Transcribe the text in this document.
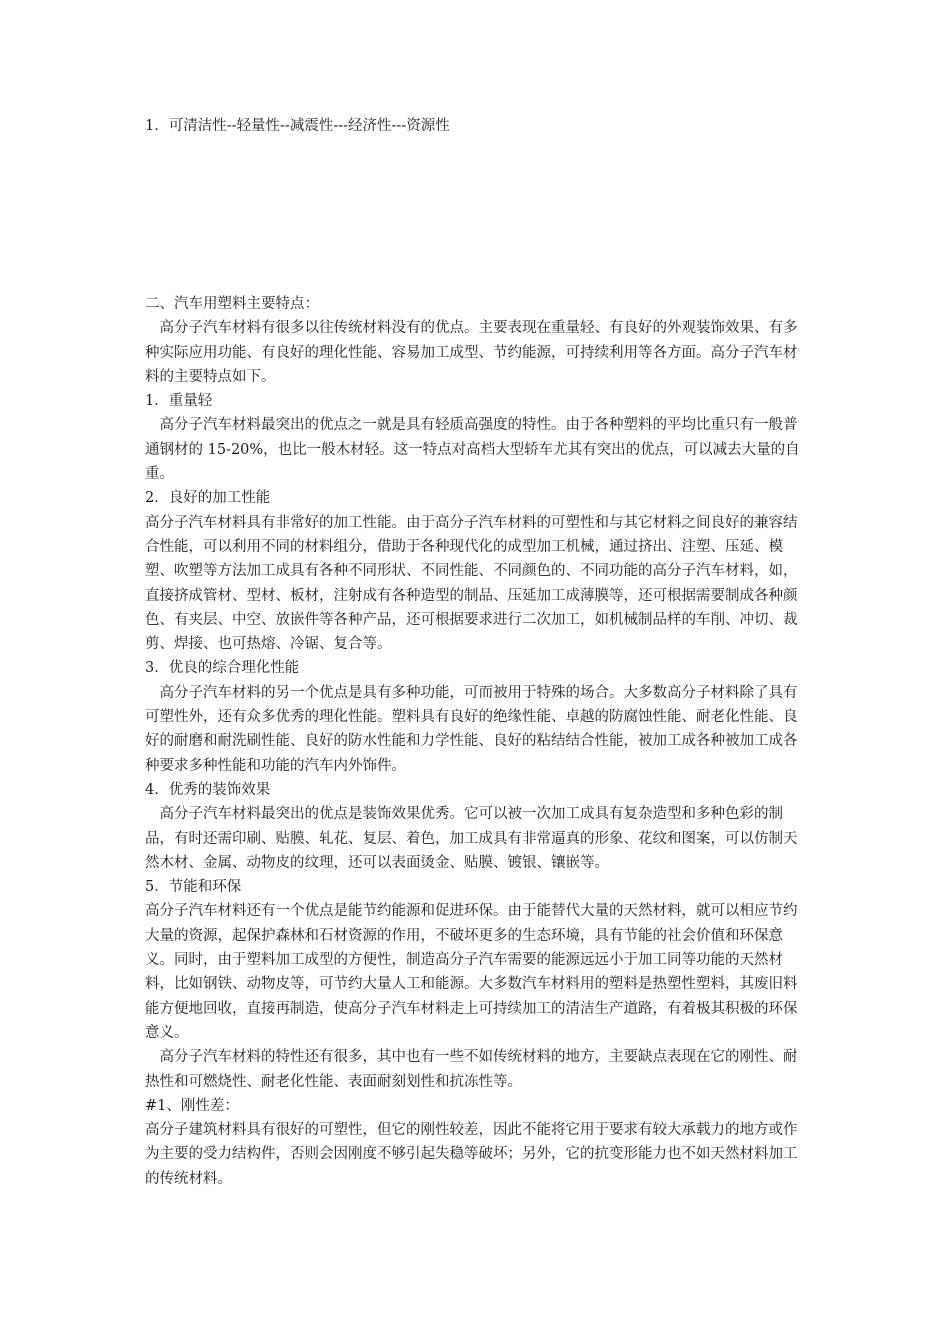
1．可清洁性--轻量性--减震性---经济性---资源性

二、汽车用塑料主要特点：

高分子汽车材料有很多以往传统材料没有的优点。主要表现在重量轻、有良好的外观装饰效果、有多种实际应用功能、有良好的理化性能、容易加工成型、节约能源，可持续利用等各方面。高分子汽车材料的主要特点如下。

1．重量轻

高分子汽车材料最突出的优点之一就是具有轻质高强度的特性。由于各种塑料的平均比重只有一般普通钢材的 15-20%，也比一般木材轻。这一特点对高档大型轿车尤其有突出的优点，可以减去大量的自重。

2．良好的加工性能

高分子汽车材料具有非常好的加工性能。由于高分子汽车材料的可塑性和与其它材料之间良好的兼容结合性能，可以利用不同的材料组分，借助于各种现代化的成型加工机械，通过挤出、注塑、压延、模塑、吹塑等方法加工成具有各种不同形状、不同性能、不同颜色的、不同功能的高分子汽车材料，如，直接挤成管材、型材、板材，注射成有各种造型的制品、压延加工成薄膜等，还可根据需要制成各种颜色、有夹层、中空、放嵌件等各种产品，还可根据要求进行二次加工，如机械制品样的车削、冲切、裁剪、焊接、也可热熔、冷锯、复合等。

3．优良的综合理化性能

高分子汽车材料的另一个优点是具有多种功能，可而被用于特殊的场合。大多数高分子材料除了具有可塑性外，还有众多优秀的理化性能。塑料具有良好的绝缘性能、卓越的防腐蚀性能、耐老化性能、良好的耐磨和耐洗刷性能、良好的防水性能和力学性能、良好的粘结结合性能，被加工成各种被加工成各种要求多种性能和功能的汽车内外饰件。

4．优秀的装饰效果

高分子汽车材料最突出的优点是装饰效果优秀。它可以被一次加工成具有复杂造型和多种色彩的制品，有时还需印刷、贴膜、轧花、复层、着色，加工成具有非常逼真的形象、花纹和图案，可以仿制天然木材、金属、动物皮的纹理，还可以表面烫金、贴膜、镀银、镶嵌等。

5．节能和环保

高分子汽车材料还有一个优点是能节约能源和促进环保。由于能替代大量的天然材料，就可以相应节约大量的资源，起保护森林和石材资源的作用，不破坏更多的生态环境，具有节能的社会价值和环保意义。同时，由于塑料加工成型的方便性，制造高分子汽车需要的能源远远小于加工同等功能的天然材料，比如钢铁、动物皮等，可节约大量人工和能源。大多数汽车材料用的塑料是热塑性塑料，其废旧料能方便地回收，直接再制造，使高分子汽车材料走上可持续加工的清洁生产道路，有着极其积极的环保意义。

高分子汽车材料的特性还有很多，其中也有一些不如传统材料的地方，主要缺点表现在它的刚性、耐热性和可燃烧性、耐老化性能、表面耐刻划性和抗冻性等。

#1、刚性差：

高分子建筑材料具有很好的可塑性，但它的刚性较差，因此不能将它用于要求有较大承载力的地方或作为主要的受力结构件，否则会因刚度不够引起失稳等破坏；另外，它的抗变形能力也不如天然材料加工的传统材料。
